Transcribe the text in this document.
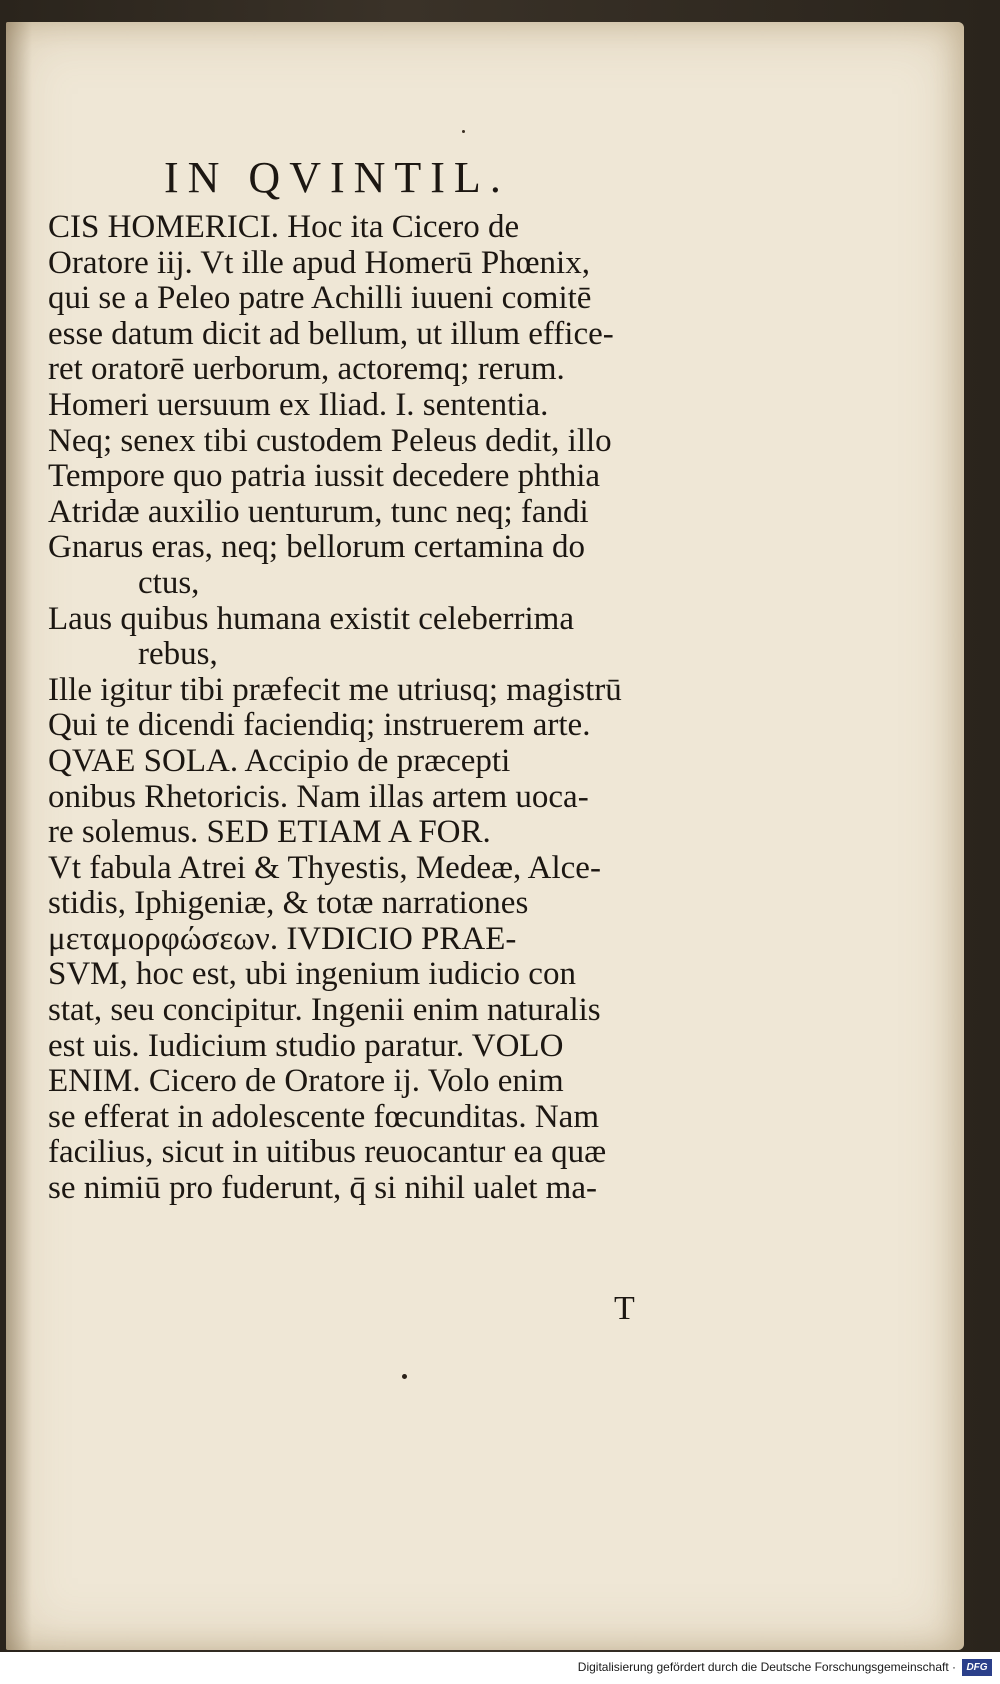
IN QVINTIL.
CIS HOMERICI. Hoc ita Cicero de
Oratore iij. Vt ille apud Homerū Phœnix,
qui se a Peleo patre Achilli iuueni comitē
esse datum dicit ad bellum, ut illum effice-
ret oratorē uerborum, actoremq; rerum.
Homeri uersuum ex Iliad. I. sententia.
Neq; senex tibi custodem Peleus dedit, illo
Tempore quo patria iussit decedere phthia
Atridæ auxilio uenturum, tunc neq; fandi
Gnarus eras, neq; bellorum certamina do
ctus,
Laus quibus humana existit celeberrima
rebus,
Ille igitur tibi præfecit me utriusq; magistrū
Qui te dicendi faciendiq; instruerem arte.
QVAE SOLA. Accipio de præcepti
onibus Rhetoricis. Nam illas artem uoca-
re solemus. SED ETIAM A FOR.
Vt fabula Atrei & Thyestis, Medeæ, Alce-
stidis, Iphigeniæ, & totæ narrationes
μεταμορφώσεων. IVDICIO PRAE-
SVM, hoc est, ubi ingenium iudicio con
stat, seu concipitur. Ingenii enim naturalis
est uis. Iudicium studio paratur. VOLO
ENIM. Cicero de Oratore ij. Volo enim
se efferat in adolescente fœcunditas. Nam
facilius, sicut in uitibus reuocantur ea quæ
se nimiū pro fuderunt, q̄ si nihil ualet ma-
T
Digitalisierung gefördert durch die Deutsche Forschungsgemeinschaft ·	DFG
